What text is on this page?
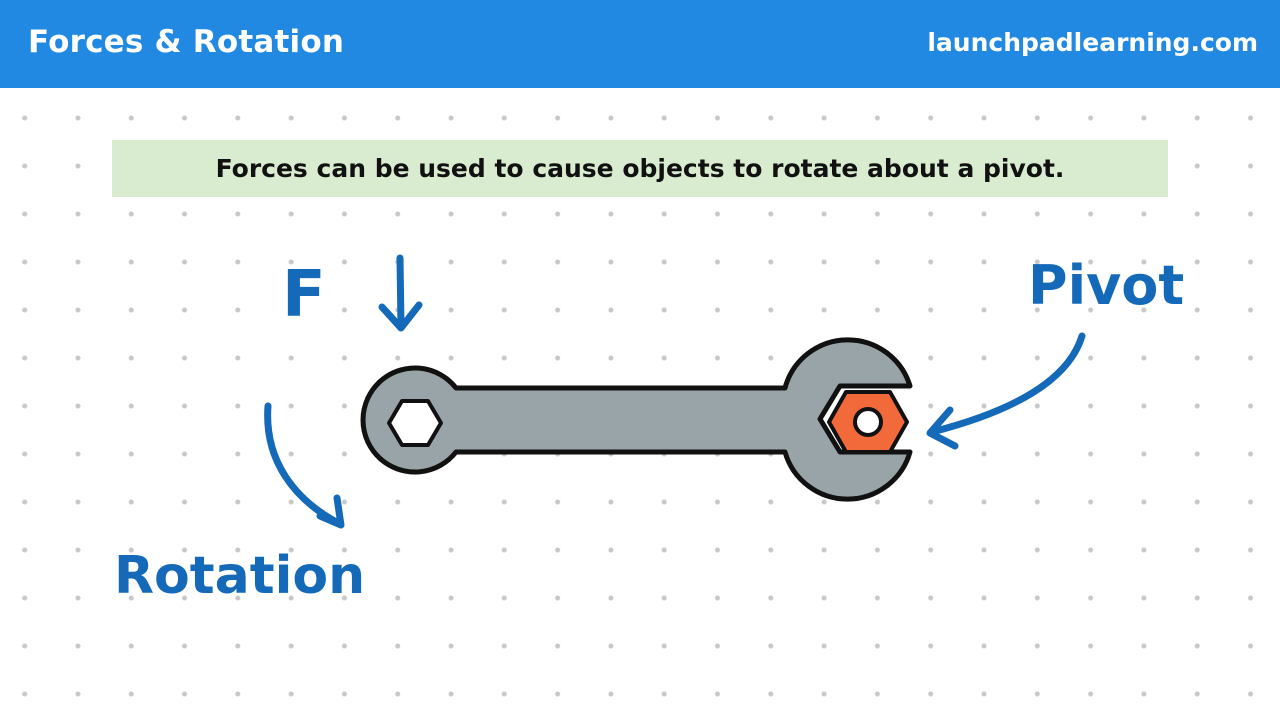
Forces & Rotation	launchpadlearning.com
Forces can be used to cause objects to rotate about a pivot.
F	Pivot
Rotation
